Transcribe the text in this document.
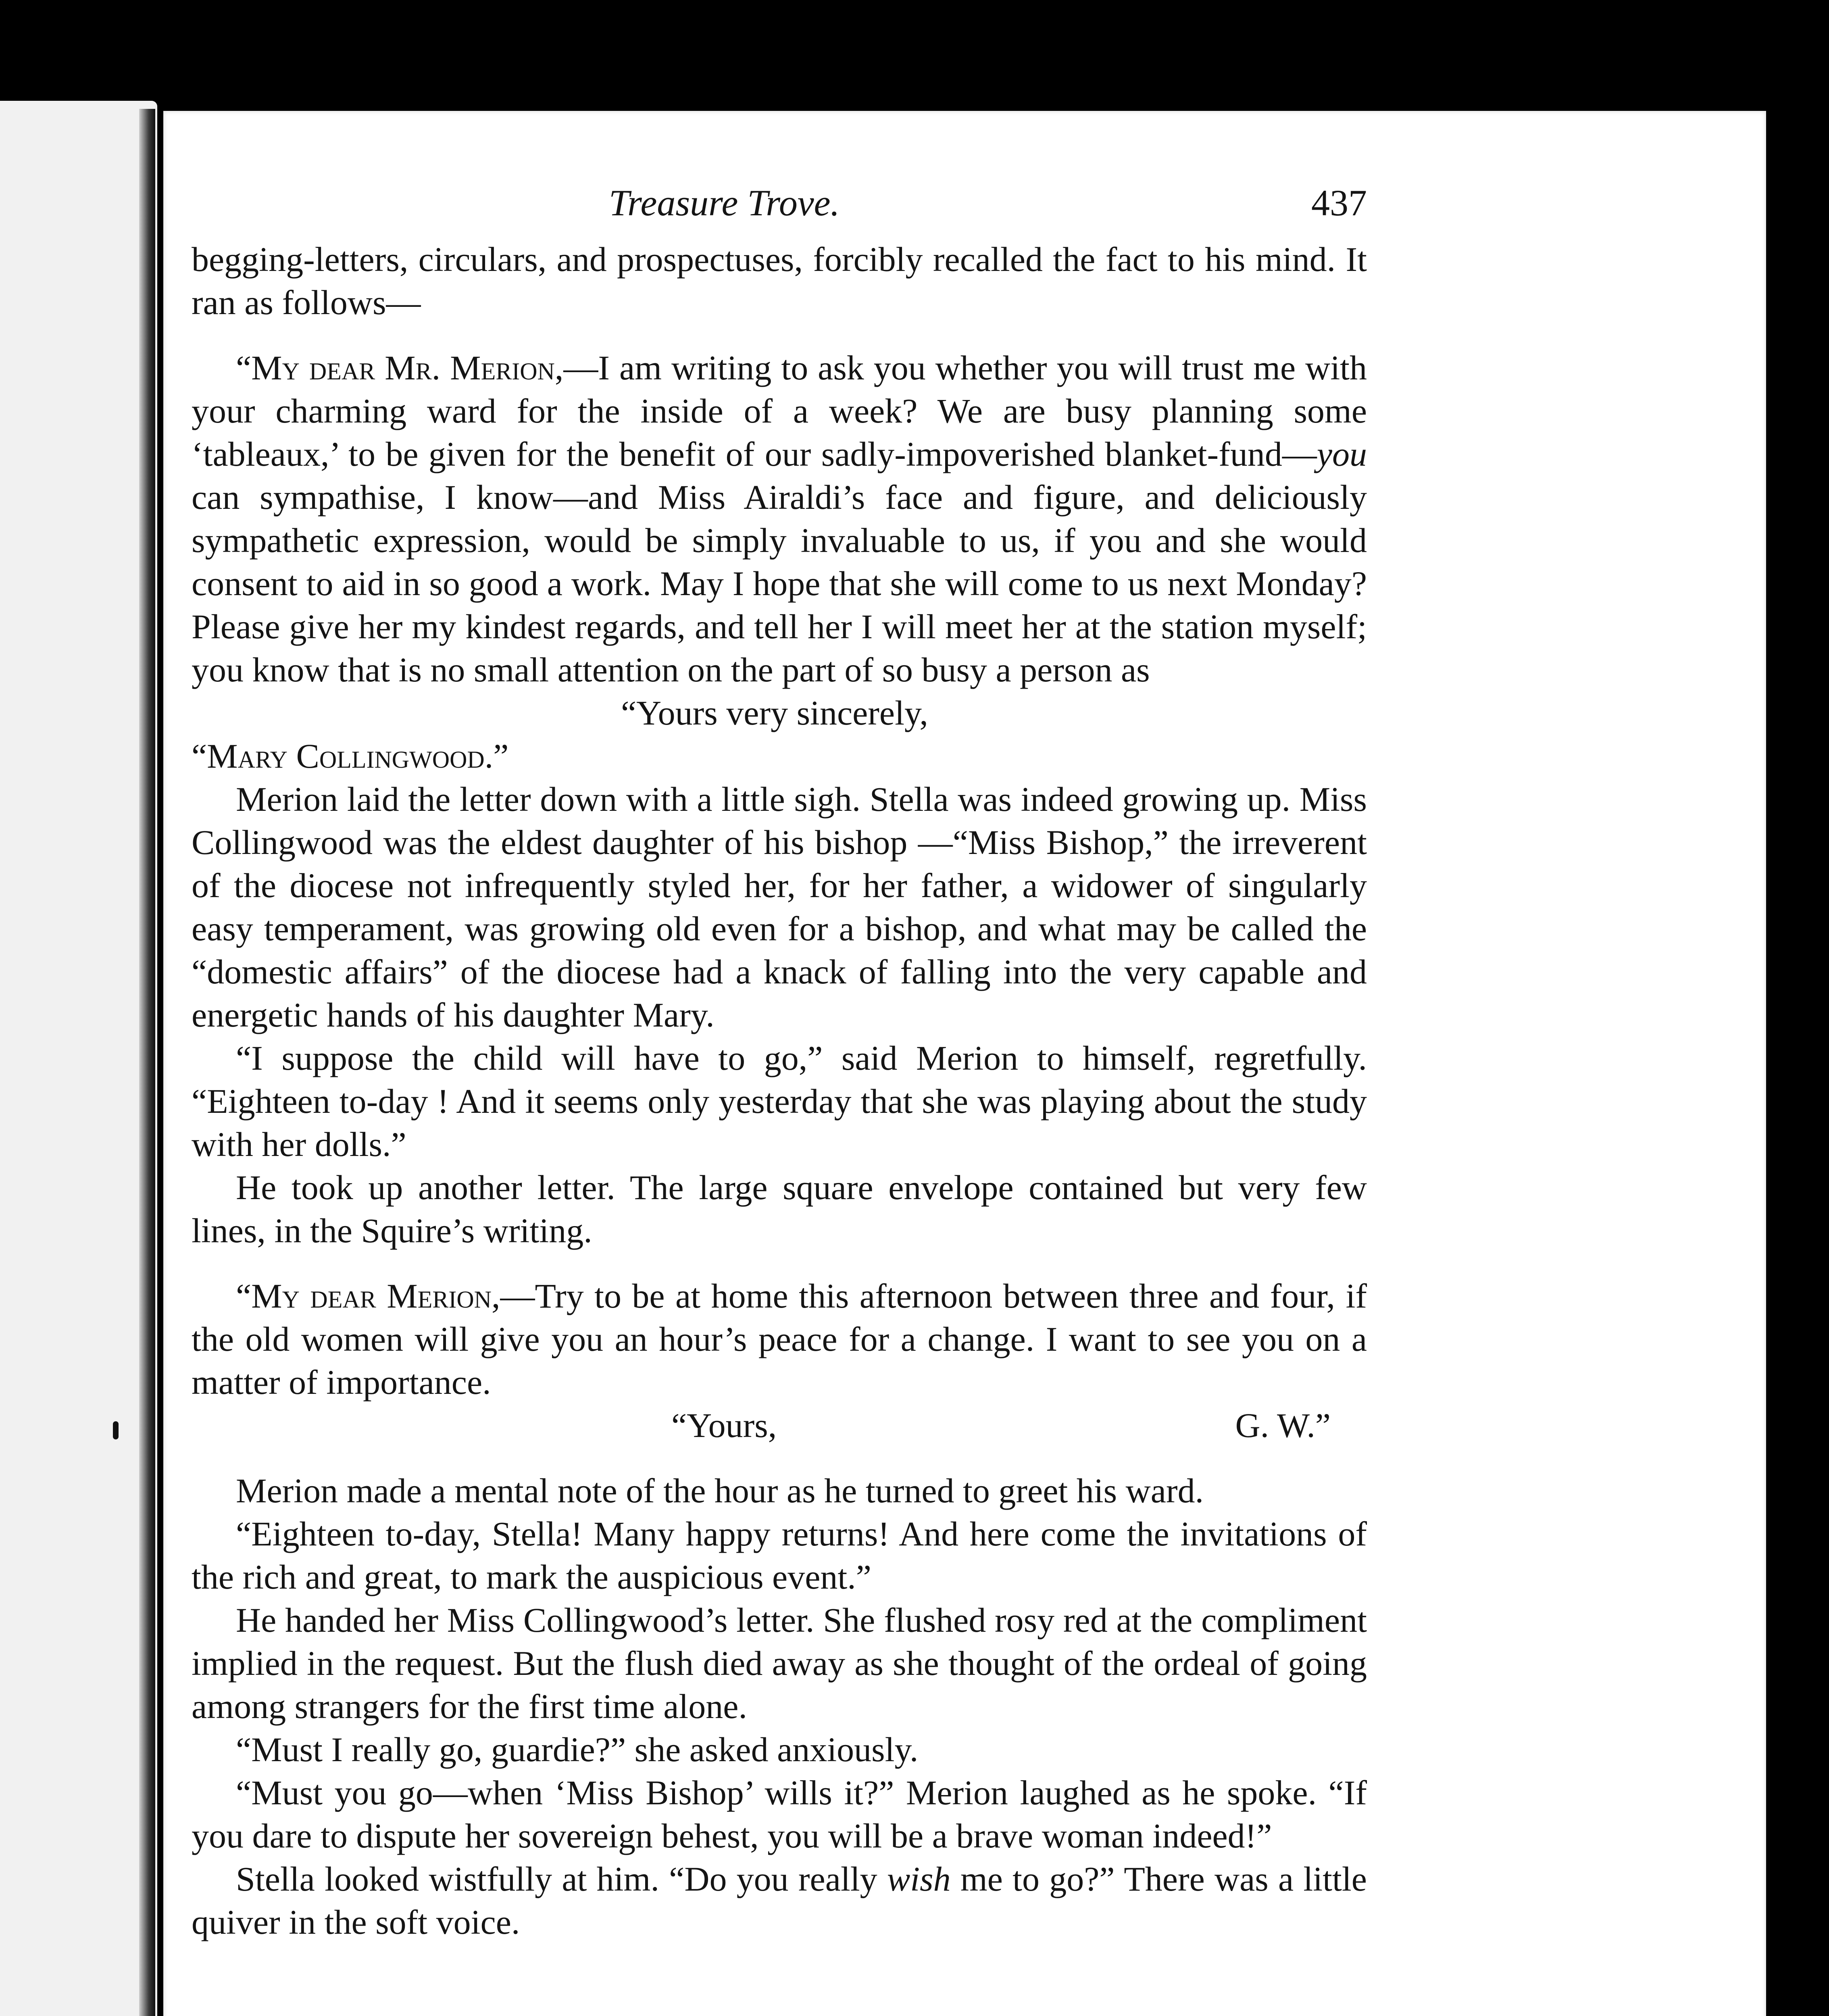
Treasure Trove.	437

begging-letters, circulars, and prospectuses, forcibly recalled the fact to his mind. It ran as follows—

“My dear Mr. Merion,—I am writing to ask you whether you will trust me with your charming ward for the inside of a week? We are busy planning some ‘tableaux,’ to be given for the benefit of our sadly-impoverished blanket-fund—you can sympathise, I know—and Miss Airaldi’s face and figure, and deliciously sympathetic expression, would be simply invaluable to us, if you and she would consent to aid in so good a work. May I hope that she will come to us next Monday? Please give her my kindest regards, and tell her I will meet her at the station myself; you know that is no small attention on the part of so busy a person as

“Yours very sincerely,

“Mary Collingwood.”

Merion laid the letter down with a little sigh. Stella was indeed growing up. Miss Collingwood was the eldest daughter of his bishop —“Miss Bishop,” the irreverent of the diocese not infrequently styled her, for her father, a widower of singularly easy temperament, was growing old even for a bishop, and what may be called the “domestic affairs” of the diocese had a knack of falling into the very capable and energetic hands of his daughter Mary.

“I suppose the child will have to go,” said Merion to himself, regretfully. “Eighteen to-day ! And it seems only yesterday that she was playing about the study with her dolls.”

He took up another letter. The large square envelope contained but very few lines, in the Squire’s writing.

“My dear Merion,—Try to be at home this afternoon between three and four, if the old women will give you an hour’s peace for a change. I want to see you on a matter of importance.

“Yours,	G. W.”

Merion made a mental note of the hour as he turned to greet his ward.

“Eighteen to-day, Stella! Many happy returns! And here come the invitations of the rich and great, to mark the auspicious event.”

He handed her Miss Collingwood’s letter. She flushed rosy red at the compliment implied in the request. But the flush died away as she thought of the ordeal of going among strangers for the first time alone.

“Must I really go, guardie?” she asked anxiously.

“Must you go—when ‘Miss Bishop’ wills it?” Merion laughed as he spoke. “If you dare to dispute her sovereign behest, you will be a brave woman indeed!”

Stella looked wistfully at him. “Do you really wish me to go?” There was a little quiver in the soft voice.
